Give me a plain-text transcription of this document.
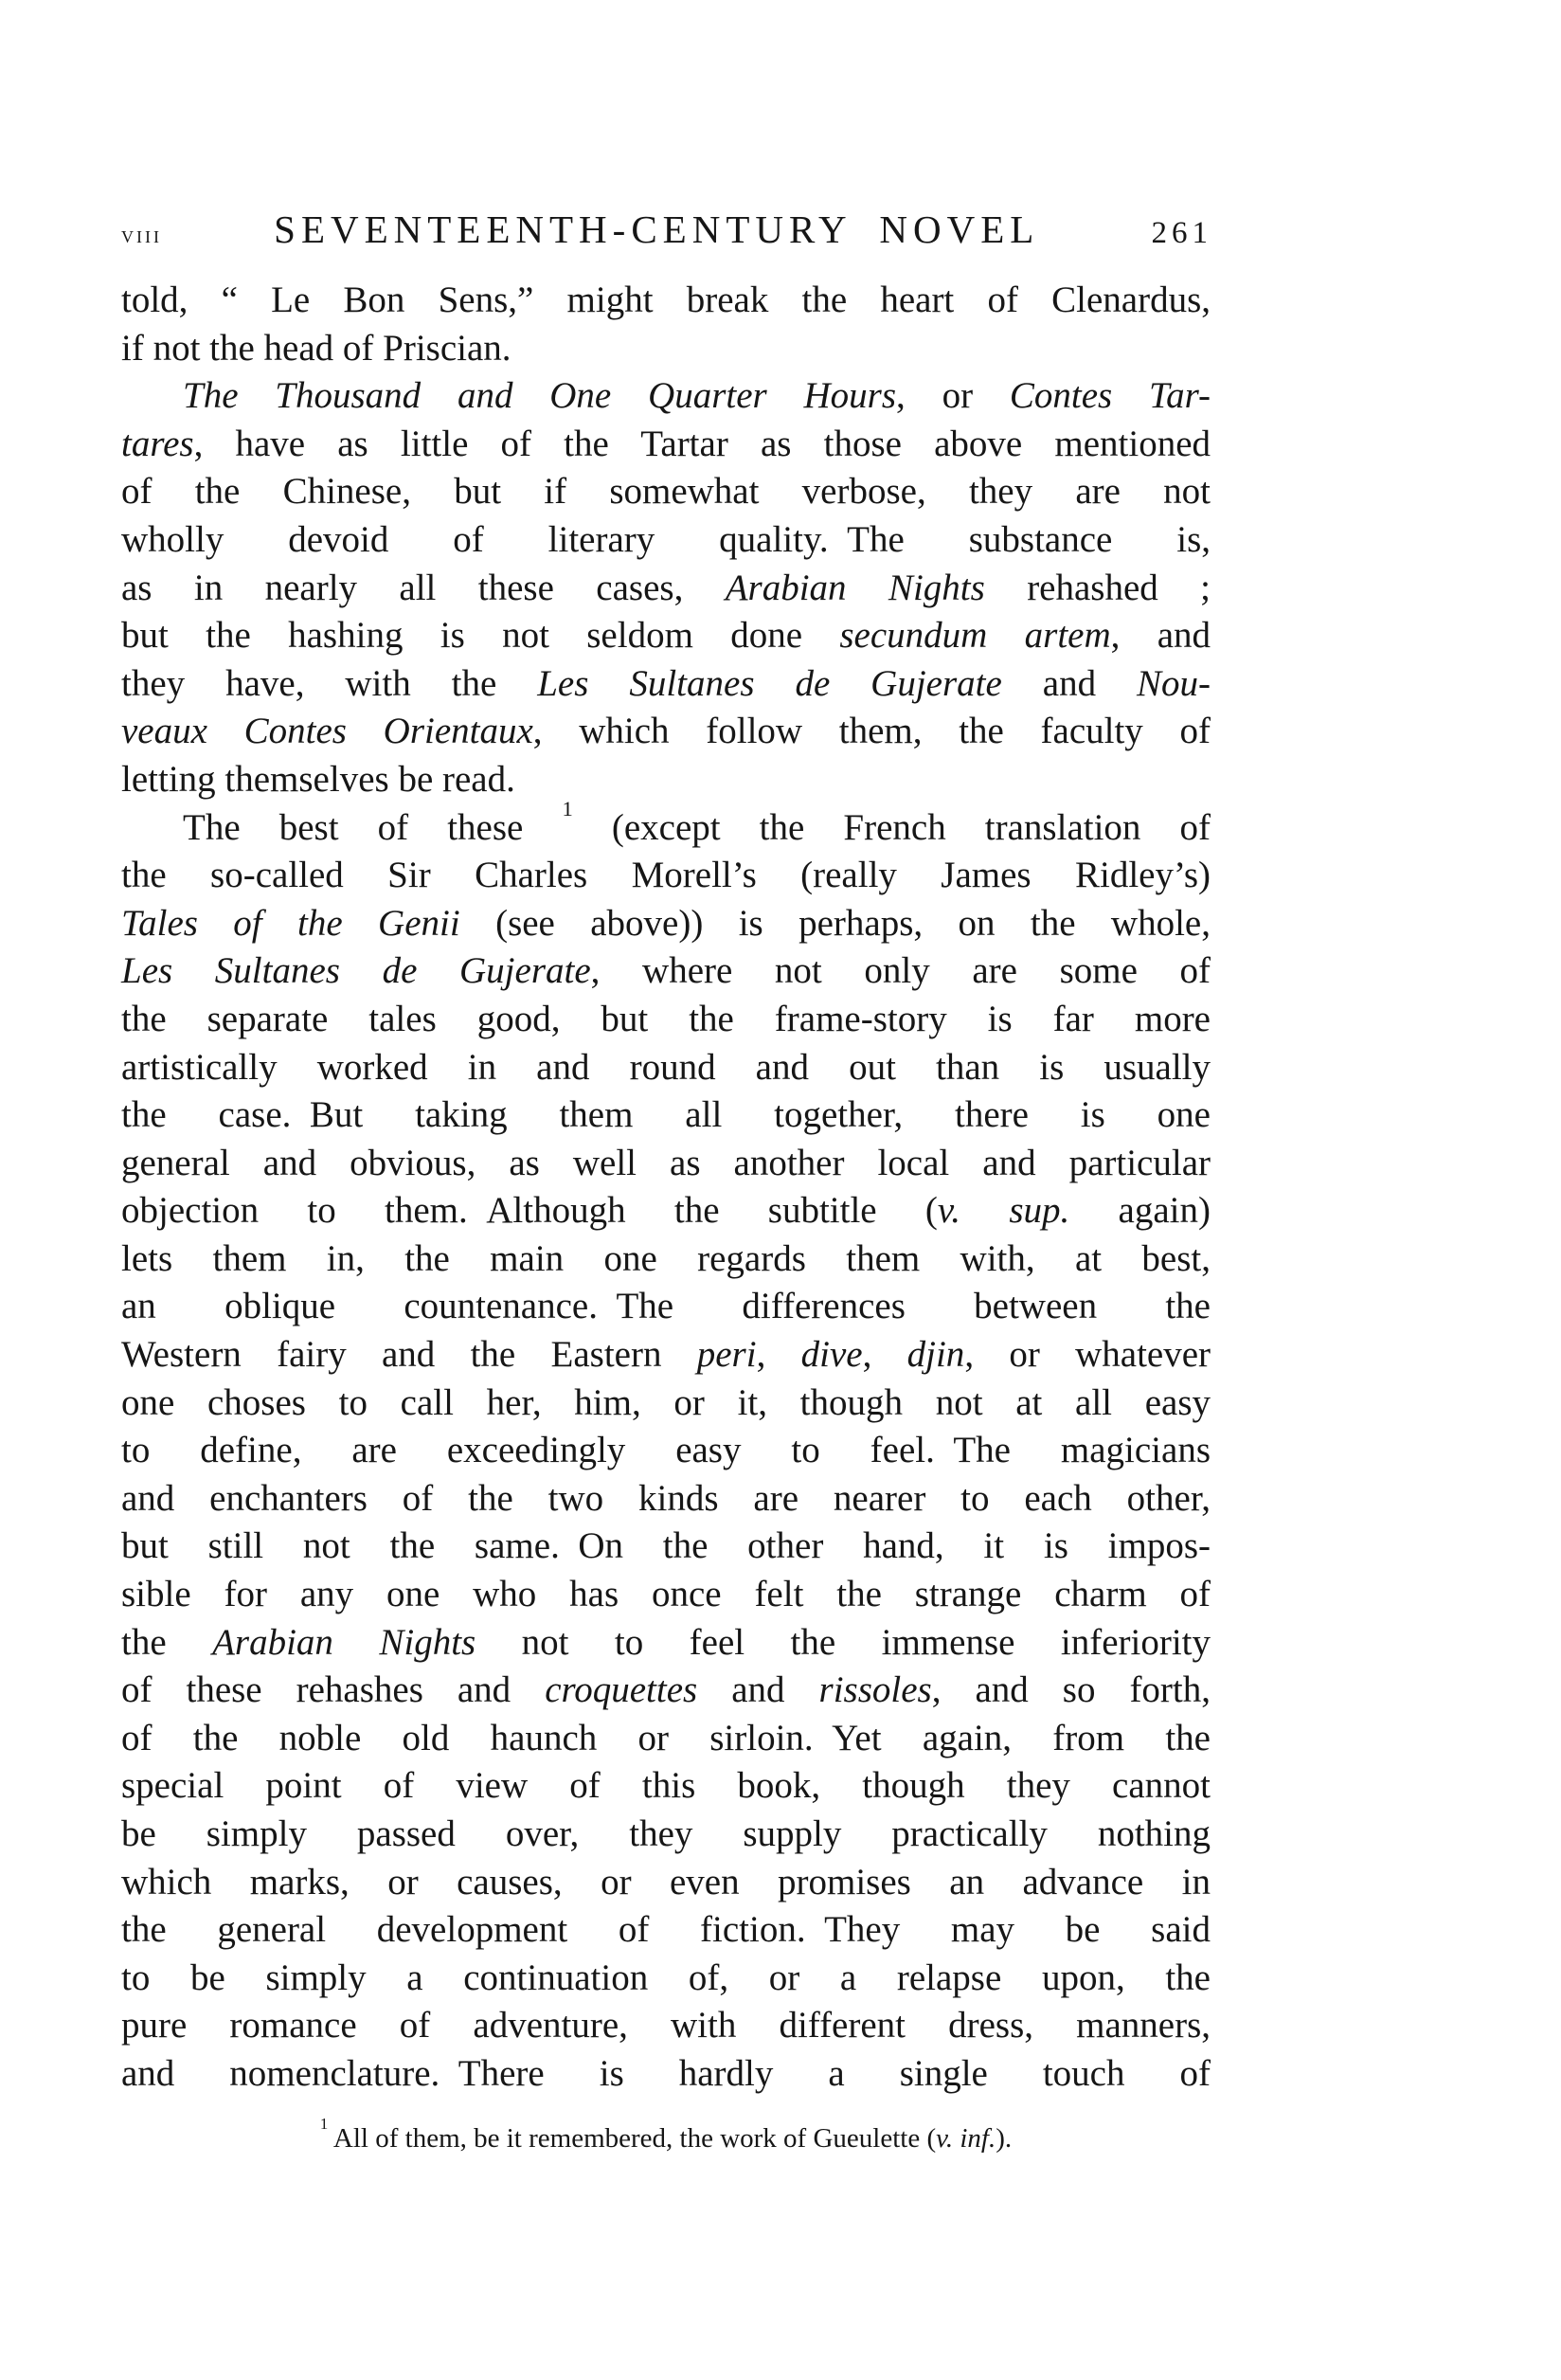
viii	SEVENTEENTH-CENTURY NOVEL	261
told, “ Le Bon Sens,” might break the heart of Clenardus,
if not the head of Priscian.
The Thousand and One Quarter Hours, or Contes Tar-
tares, have as little of the Tartar as those above mentioned
of the Chinese, but if somewhat verbose, they are not
wholly devoid of literary quality. The substance is,
as in nearly all these cases, Arabian Nights rehashed ;
but the hashing is not seldom done secundum artem, and
they have, with the Les Sultanes de Gujerate and Nou-
veaux Contes Orientaux, which follow them, the faculty of
letting themselves be read.
The best of these $^1$ (except the French translation of
the so-called Sir Charles Morell’s (really James Ridley’s)
Tales of the Genii (see above)) is perhaps, on the whole,
Les Sultanes de Gujerate, where not only are some of
the separate tales good, but the frame-story is far more
artistically worked in and round and out than is usually
the case. But taking them all together, there is one
general and obvious, as well as another local and particular
objection to them. Although the subtitle (v. sup. again)
lets them in, the main one regards them with, at best,
an oblique countenance. The differences between the
Western fairy and the Eastern peri, dive, djin, or whatever
one choses to call her, him, or it, though not at all easy
to define, are exceedingly easy to feel. The magicians
and enchanters of the two kinds are nearer to each other,
but still not the same. On the other hand, it is impos-
sible for any one who has once felt the strange charm of
the Arabian Nights not to feel the immense inferiority
of these rehashes and croquettes and rissoles, and so forth,
of the noble old haunch or sirloin. Yet again, from the
special point of view of this book, though they cannot
be simply passed over, they supply practically nothing
which marks, or causes, or even promises an advance in
the general development of fiction. They may be said
to be simply a continuation of, or a relapse upon, the
pure romance of adventure, with different dress, manners,
and nomenclature. There is hardly a single touch of
$^1$ All of them, be it remembered, the work of Gueulette (v. inf.).
